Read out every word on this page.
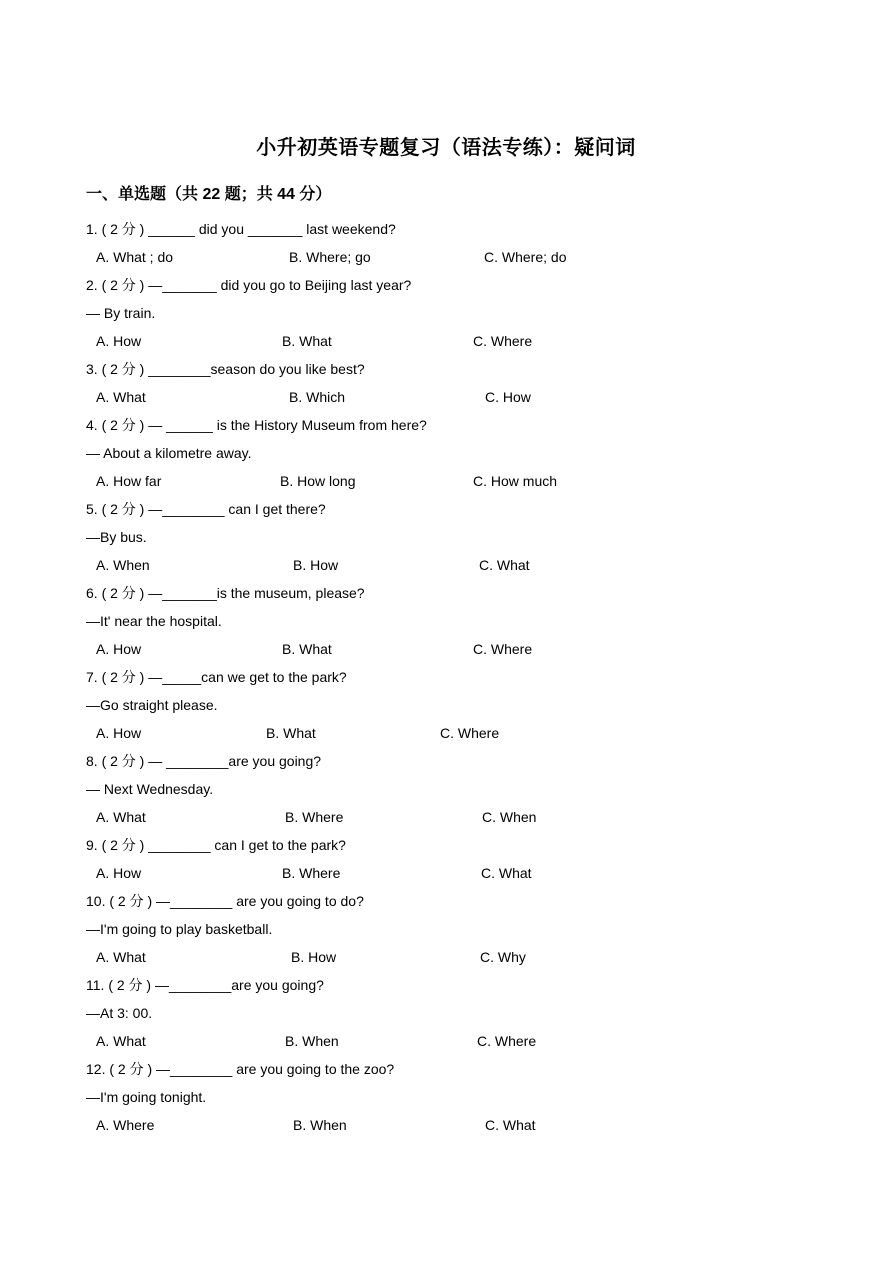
小升初英语专题复习（语法专练）：疑问词
一、单选题（共 22 题；共 44 分）
1. ( 2 分 ) ______ did you _______ last weekend?
A. What ; do	B. Where; go	C. Where; do
2. ( 2 分 ) —_______ did you go to Beijing last year?
— By train.
A. How	B. What	C. Where
3. ( 2 分 ) ________season do you like best?
A. What	B. Which	C. How
4. ( 2 分 ) — ______ is the History Museum from here?
— About a kilometre away.
A. How far	B. How long	C. How much
5. ( 2 分 ) —________ can I get there?
—By bus.
A. When	B. How	C. What
6. ( 2 分 ) —_______is the museum, please?
—It' near the hospital.
A. How	B. What	C. Where
7. ( 2 分 ) —_____can we get to the park?
—Go straight please.
A. How	B. What	C. Where
8. ( 2 分 ) — ________are you going?
— Next Wednesday.
A. What	B. Where	C. When
9. ( 2 分 ) ________ can I get to the park?
A. How	B. Where	C. What
10. ( 2 分 ) —________ are you going to do?
—I'm going to play basketball.
A. What	B. How	C. Why
11. ( 2 分 ) —________are you going?
—At 3: 00.
A. What	B. When	C. Where
12. ( 2 分 ) —________ are you going to the zoo?
—I'm going tonight.
A. Where	B. When	C. What
